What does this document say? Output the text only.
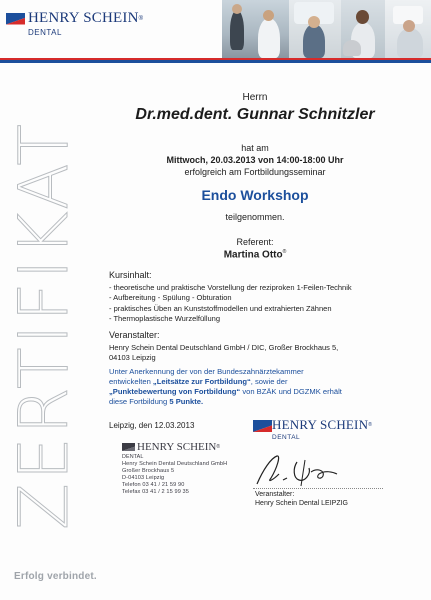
HENRY SCHEIN ®
DENTAL
ZERTIFIKAT
Herrn
Dr.med.dent. Gunnar Schnitzler
hat am
Mittwoch, 20.03.2013 von 14:00-18:00 Uhr
erfolgreich am Fortbildungsseminar
Endo Workshop
teilgenommen.
Referent:
Martina Otto®
Kursinhalt:
- theoretische und praktische Vorstellung der reziproken 1-Feilen-Technik
- Aufbereitung - Spülung - Obturation
- praktisches Üben an Kunststoffmodellen und extrahierten Zähnen
- Thermoplastische Wurzelfüllung
Veranstalter:
Henry Schein Dental Deutschland GmbH / DIC, Großer Brockhaus 5,
04103 Leipzig
Unter Anerkennung der von der Bundeszahnärztekammer
entwickelten „Leitsätze zur Fortbildung“, sowie der
„Punktebewertung von Fortbildung“ von BZÄK und DGZMK erhält
diese Fortbildung 5 Punkte.
Leipzig, den 12.03.2013
HENRY SCHEIN ®
DENTAL
Henry Schein Dental Deutschland GmbH
Großer Brockhaus 5
D-04103 Leipzig
Telefon 03 41 / 21 59 90
Telefax 03 41 / 2 15 99 35
HENRY SCHEIN ®
DENTAL
Veranstalter:
Henry Schein Dental LEIPZIG
Erfolg verbindet.
